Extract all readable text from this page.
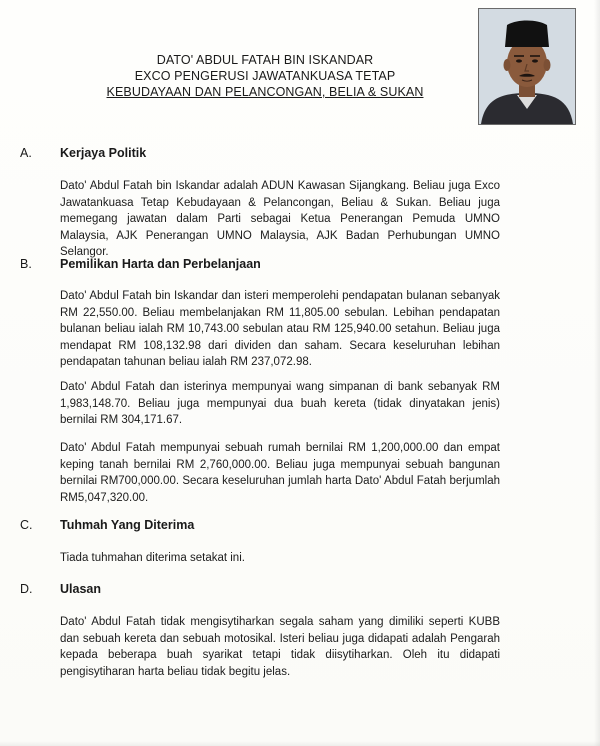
DATO' ABDUL FATAH BIN ISKANDAR
EXCO PENGERUSI JAWATANKUASA TETAP
KEBUDAYAAN DAN PELANCONGAN, BELIA & SUKAN
A. Kerjaya Politik
Dato' Abdul Fatah bin Iskandar adalah ADUN Kawasan Sijangkang. Beliau juga Exco Jawatankuasa Tetap Kebudayaan & Pelancongan, Beliau & Sukan. Beliau juga memegang jawatan dalam Parti sebagai Ketua Penerangan Pemuda UMNO Malaysia, AJK Penerangan UMNO Malaysia, AJK Badan Perhubungan UMNO Selangor.
B. Pemilikan Harta dan Perbelanjaan
Dato' Abdul Fatah bin Iskandar dan isteri memperolehi pendapatan bulanan sebanyak RM 22,550.00. Beliau membelanjakan RM 11,805.00 sebulan. Lebihan pendapatan bulanan beliau ialah RM 10,743.00 sebulan atau RM 125,940.00 setahun. Beliau juga mendapat RM 108,132.98 dari dividen dan saham. Secara keseluruhan lebihan pendapatan tahunan beliau ialah RM 237,072.98.
Dato' Abdul Fatah dan isterinya mempunyai wang simpanan di bank sebanyak RM 1,983,148.70. Beliau juga mempunyai dua buah kereta (tidak dinyatakan jenis) bernilai RM 304,171.67.
Dato' Abdul Fatah mempunyai sebuah rumah bernilai RM 1,200,000.00 dan empat keping tanah bernilai RM 2,760,000.00. Beliau juga mempunyai sebuah bangunan bernilai RM700,000.00. Secara keseluruhan jumlah harta Dato' Abdul Fatah berjumlah RM5,047,320.00.
C. Tuhmah Yang Diterima
Tiada tuhmahan diterima setakat ini.
D. Ulasan
Dato' Abdul Fatah tidak mengisytiharkan segala saham yang dimiliki seperti KUBB dan sebuah kereta dan sebuah motosikal. Isteri beliau juga didapati adalah Pengarah kepada beberapa buah syarikat tetapi tidak diisytiharkan. Oleh itu didapati pengisytiharan harta beliau tidak begitu jelas.
